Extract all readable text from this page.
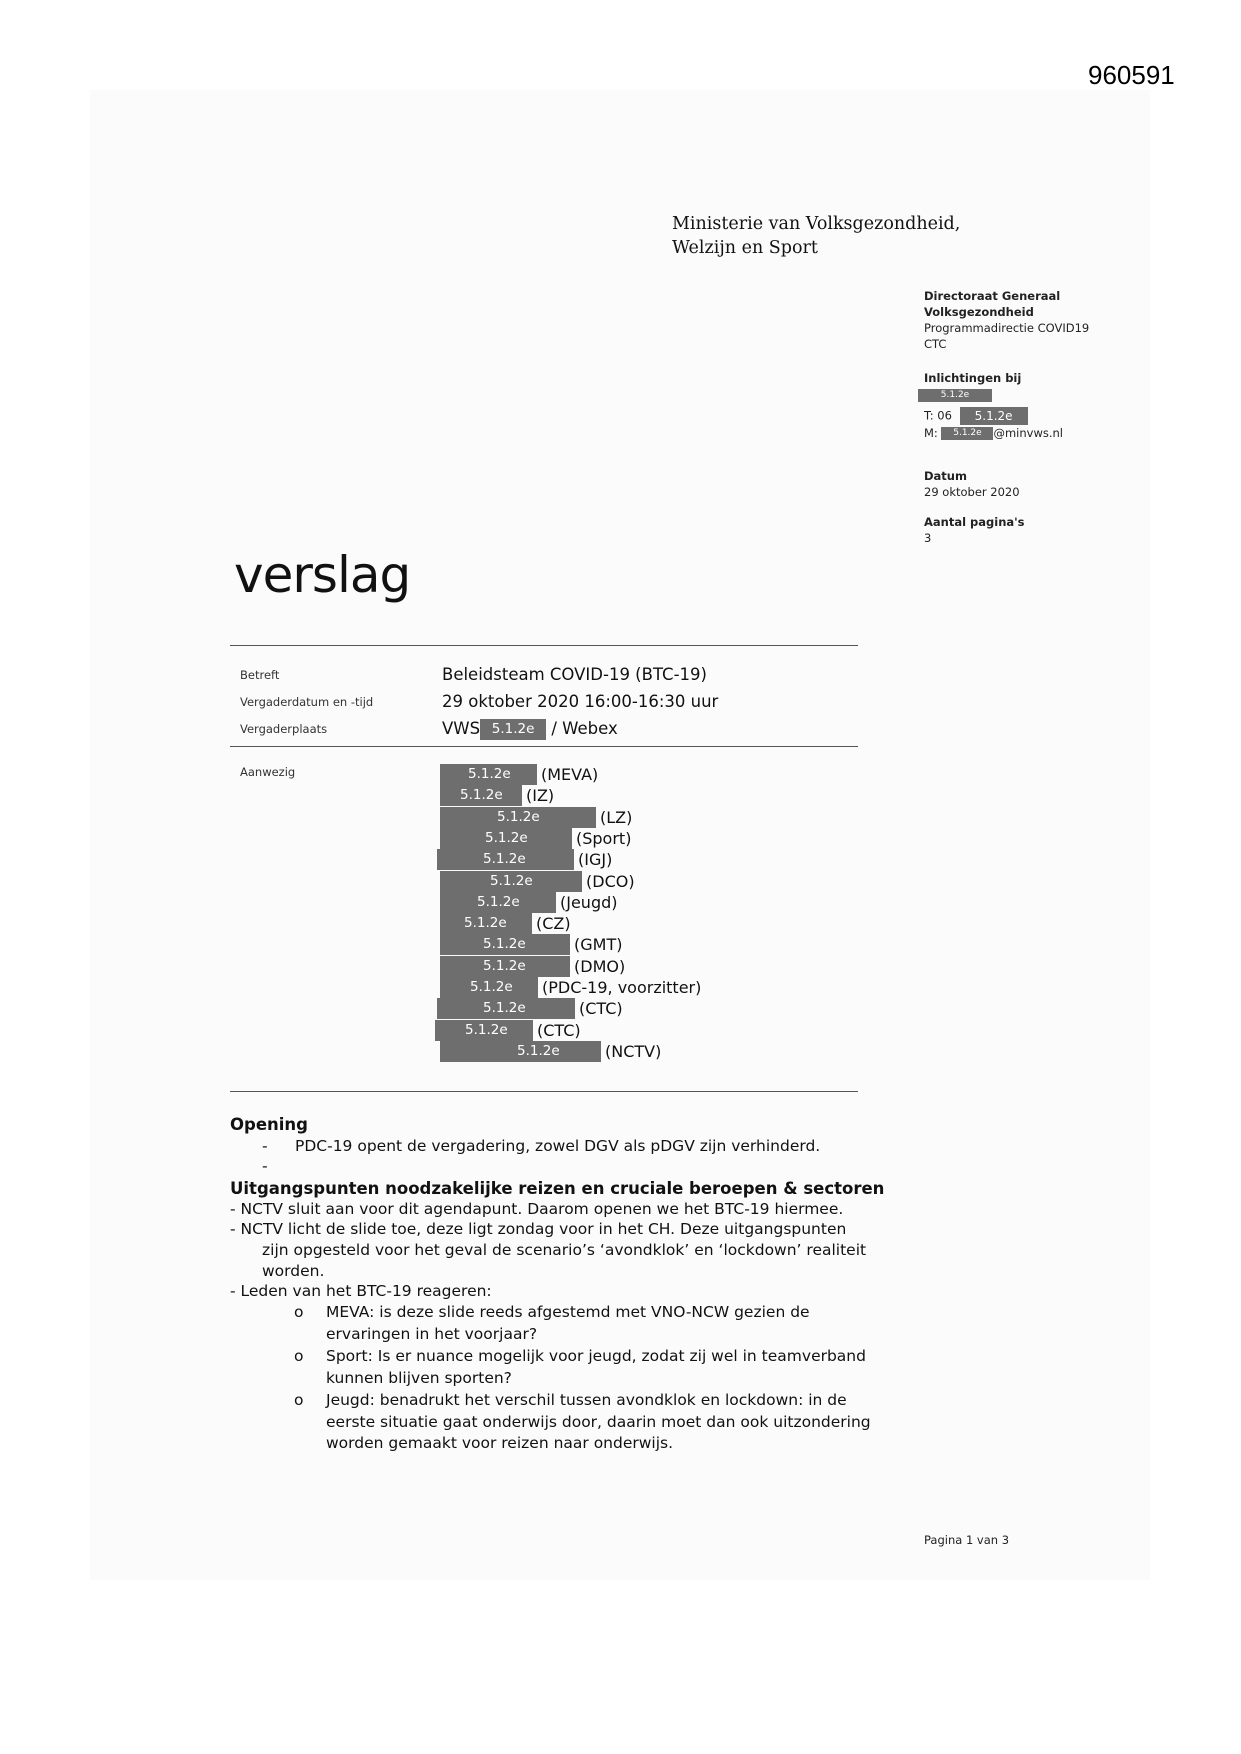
960591
Ministerie van Volksgezondheid,
Welzijn en Sport
Directoraat Generaal
Volksgezondheid
Programmadirectie COVID19
CTC
Inlichtingen bij
5.1.2e
T: 06 5.1.2e
M: 5.1.2e @minvws.nl
Datum
29 oktober 2020
Aantal pagina's
3
verslag
Betreft	Beleidsteam COVID-19 (BTC-19)
Vergaderdatum en -tijd	29 oktober 2020 16:00-16:30 uur
Vergaderplaats	VWS 5.1.2e / Webex
Aanwezig	5.1.2e	(MEVA)
5.1.2e	(IZ)
5.1.2e	(LZ)
5.1.2e	(Sport)
5.1.2e	(IGJ)
5.1.2e	(DCO)
5.1.2e	(Jeugd)
5.1.2e	(CZ)
5.1.2e	(GMT)
5.1.2e	(DMO)
5.1.2e	(PDC-19, voorzitter)
5.1.2e	(CTC)
5.1.2e	(CTC)
5.1.2e	(NCTV)
Opening
- PDC-19 opent de vergadering, zowel DGV als pDGV zijn verhinderd.
-
Uitgangspunten noodzakelijke reizen en cruciale beroepen & sectoren
- NCTV sluit aan voor dit agendapunt. Daarom openen we het BTC-19 hiermee.
- NCTV licht de slide toe, deze ligt zondag voor in het CH. Deze uitgangspunten
zijn opgesteld voor het geval de scenario’s ‘avondklok’ en ‘lockdown’ realiteit
worden.
- Leden van het BTC-19 reageren:
o MEVA: is deze slide reeds afgestemd met VNO-NCW gezien de
ervaringen in het voorjaar?
o Sport: Is er nuance mogelijk voor jeugd, zodat zij wel in teamverband
kunnen blijven sporten?
o Jeugd: benadrukt het verschil tussen avondklok en lockdown: in de
eerste situatie gaat onderwijs door, daarin moet dan ook uitzondering
worden gemaakt voor reizen naar onderwijs.
Pagina 1 van 3
